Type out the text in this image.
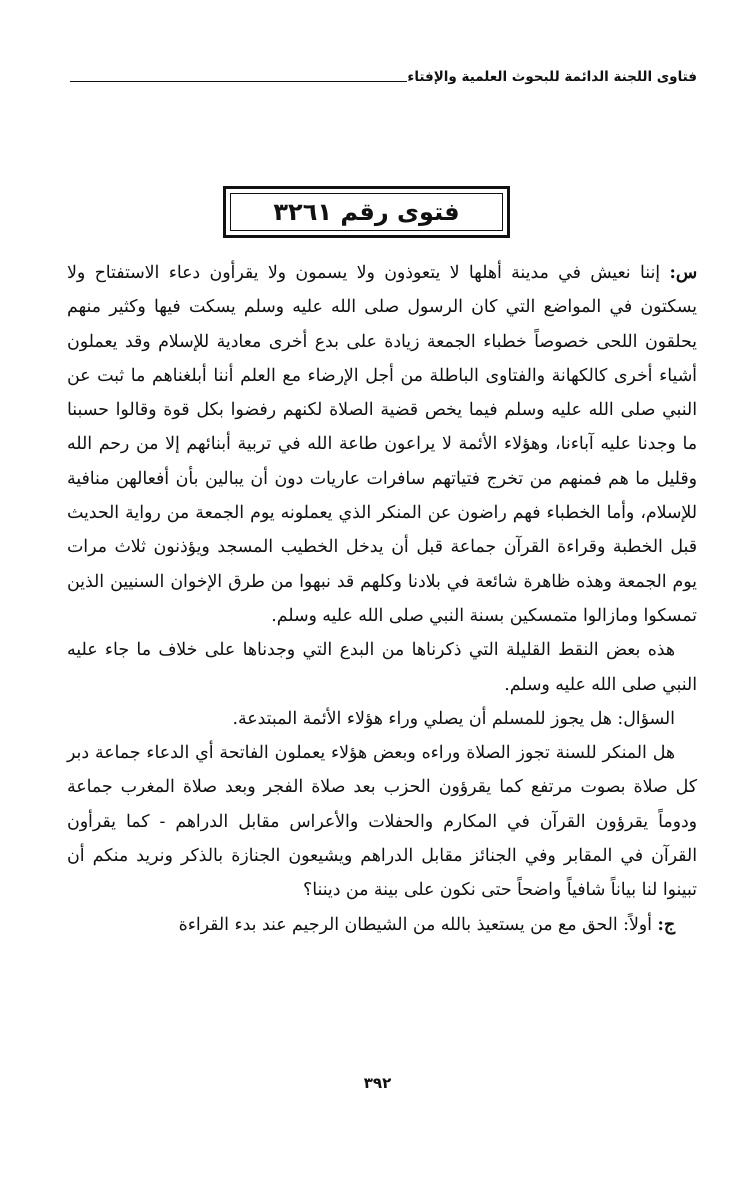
فتاوى اللجنة الدائمة للبحوث العلمية والإفتاء
فتوى رقم ٣٢٦١

س: إننا نعيش في مدينة أهلها لا يتعوذون ولا يسمون ولا يقرأون دعاء الاستفتاح ولا يسكتون في المواضع التي كان الرسول صلى الله عليه وسلم يسكت فيها وكثير منهم يحلقون اللحى خصوصاً خطباء الجمعة زيادة على بدع أخرى معادية للإسلام وقد يعملون أشياء أخرى كالكهانة والفتاوى الباطلة من أجل الإرضاء مع العلم أننا أبلغناهم ما ثبت عن النبي صلى الله عليه وسلم فيما يخص قضية الصلاة لكنهم رفضوا بكل قوة وقالوا حسبنا ما وجدنا عليه آباءنا، وهؤلاء الأئمة لا يراعون طاعة الله في تربية أبنائهم إلا من رحم الله وقليل ما هم فمنهم من تخرج فتياتهم سافرات عاريات دون أن يبالين بأن أفعالهن منافية للإسلام، وأما الخطباء فهم راضون عن المنكر الذي يعملونه يوم الجمعة من رواية الحديث قبل الخطبة وقراءة القرآن جماعة قبل أن يدخل الخطيب المسجد ويؤذنون ثلاث مرات يوم الجمعة وهذه ظاهرة شائعة في بلادنا وكلهم قد نبهوا من طرق الإخوان السنيين الذين تمسكوا ومازالوا متمسكين بسنة النبي صلى الله عليه وسلم.

هذه بعض النقط القليلة التي ذكرناها من البدع التي وجدناها على خلاف ما جاء عليه النبي صلى الله عليه وسلم.

السؤال: هل يجوز للمسلم أن يصلي وراء هؤلاء الأئمة المبتدعة.

هل المنكر للسنة تجوز الصلاة وراءه وبعض هؤلاء يعملون الفاتحة أي الدعاء جماعة دبر كل صلاة بصوت مرتفع كما يقرؤون الحزب بعد صلاة الفجر وبعد صلاة المغرب جماعة ودوماً يقرؤون القرآن في المكارم والحفلات والأعراس مقابل الدراهم - كما يقرأون القرآن في المقابر وفي الجنائز مقابل الدراهم ويشيعون الجنازة بالذكر ونريد منكم أن تبينوا لنا بياناً شافياً واضحاً حتى نكون على بينة من ديننا؟

ج: أولاً: الحق مع من يستعيذ بالله من الشيطان الرجيم عند بدء القراءة

٣٩٢
